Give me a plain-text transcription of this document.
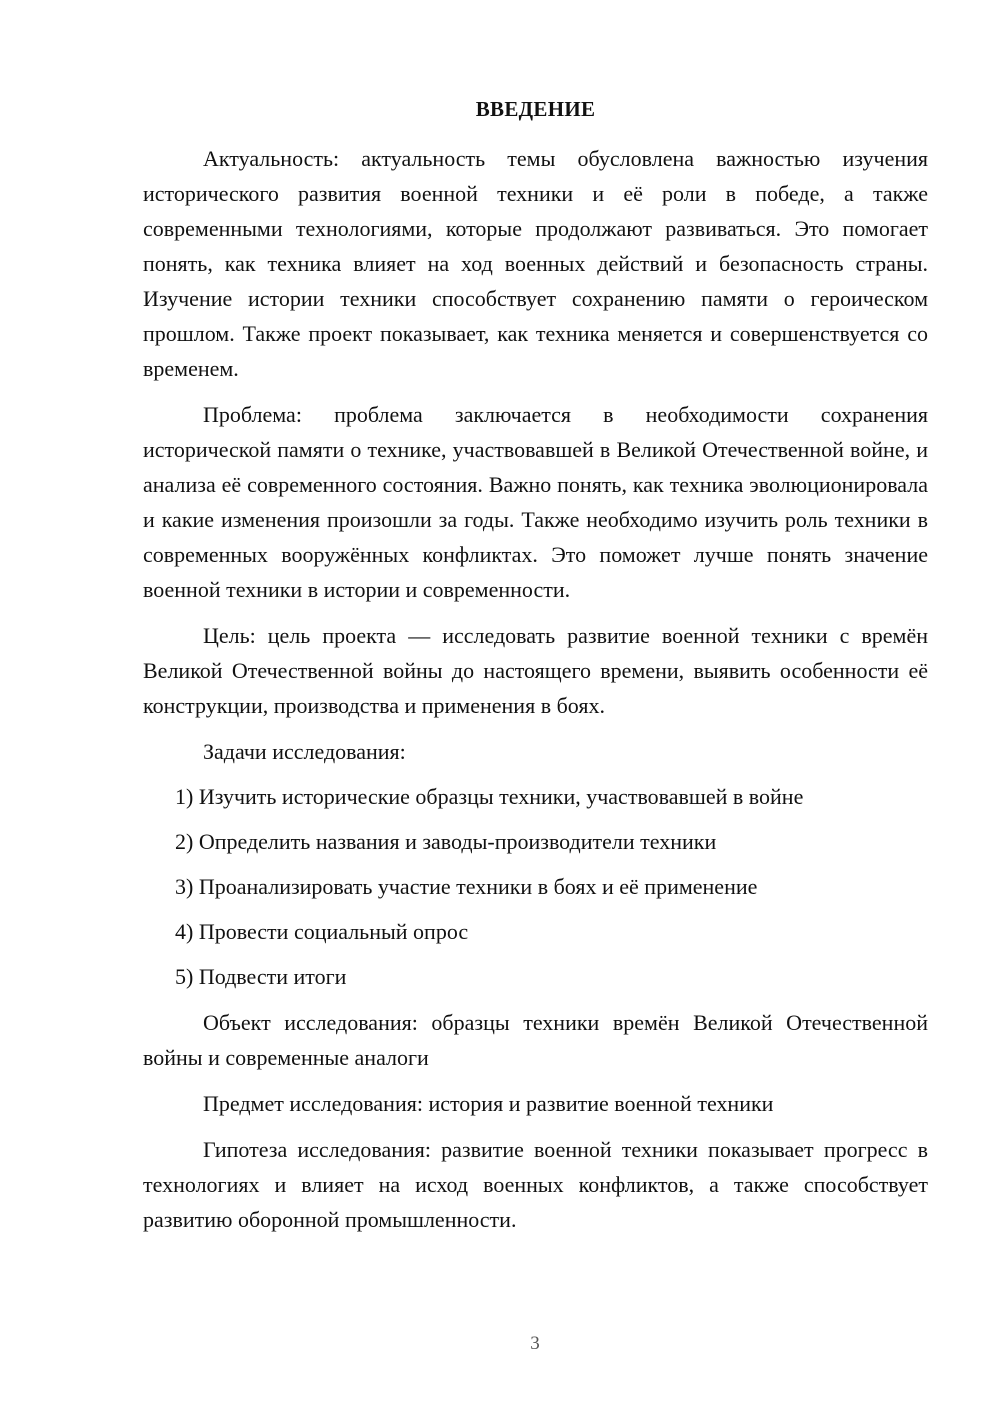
ВВЕДЕНИЕ

Актуальность: актуальность темы обусловлена важностью изучения исторического развития военной техники и её роли в победе, а также современными технологиями, которые продолжают развиваться. Это помогает понять, как техника влияет на ход военных действий и безопасность страны. Изучение истории техники способствует сохранению памяти о героическом прошлом. Также проект показывает, как техника меняется и совершенствуется со временем.

Проблема: проблема заключается в необходимости сохранения исторической памяти о технике, участвовавшей в Великой Отечественной войне, и анализа её современного состояния. Важно понять, как техника эволюционировала и какие изменения произошли за годы. Также необходимо изучить роль техники в современных вооружённых конфликтах. Это поможет лучше понять значение военной техники в истории и современности.

Цель: цель проекта — исследовать развитие военной техники с времён Великой Отечественной войны до настоящего времени, выявить особенности её конструкции, производства и применения в боях.

Задачи исследования:

1) Изучить исторические образцы техники, участвовавшей в войне
2) Определить названия и заводы-производители техники
3) Проанализировать участие техники в боях и её применение
4) Провести социальный опрос
5) Подвести итоги

Объект исследования: образцы техники времён Великой Отечественной войны и современные аналоги

Предмет исследования: история и развитие военной техники

Гипотеза исследования: развитие военной техники показывает прогресс в технологиях и влияет на исход военных конфликтов, а также способствует развитию оборонной промышленности.

3
